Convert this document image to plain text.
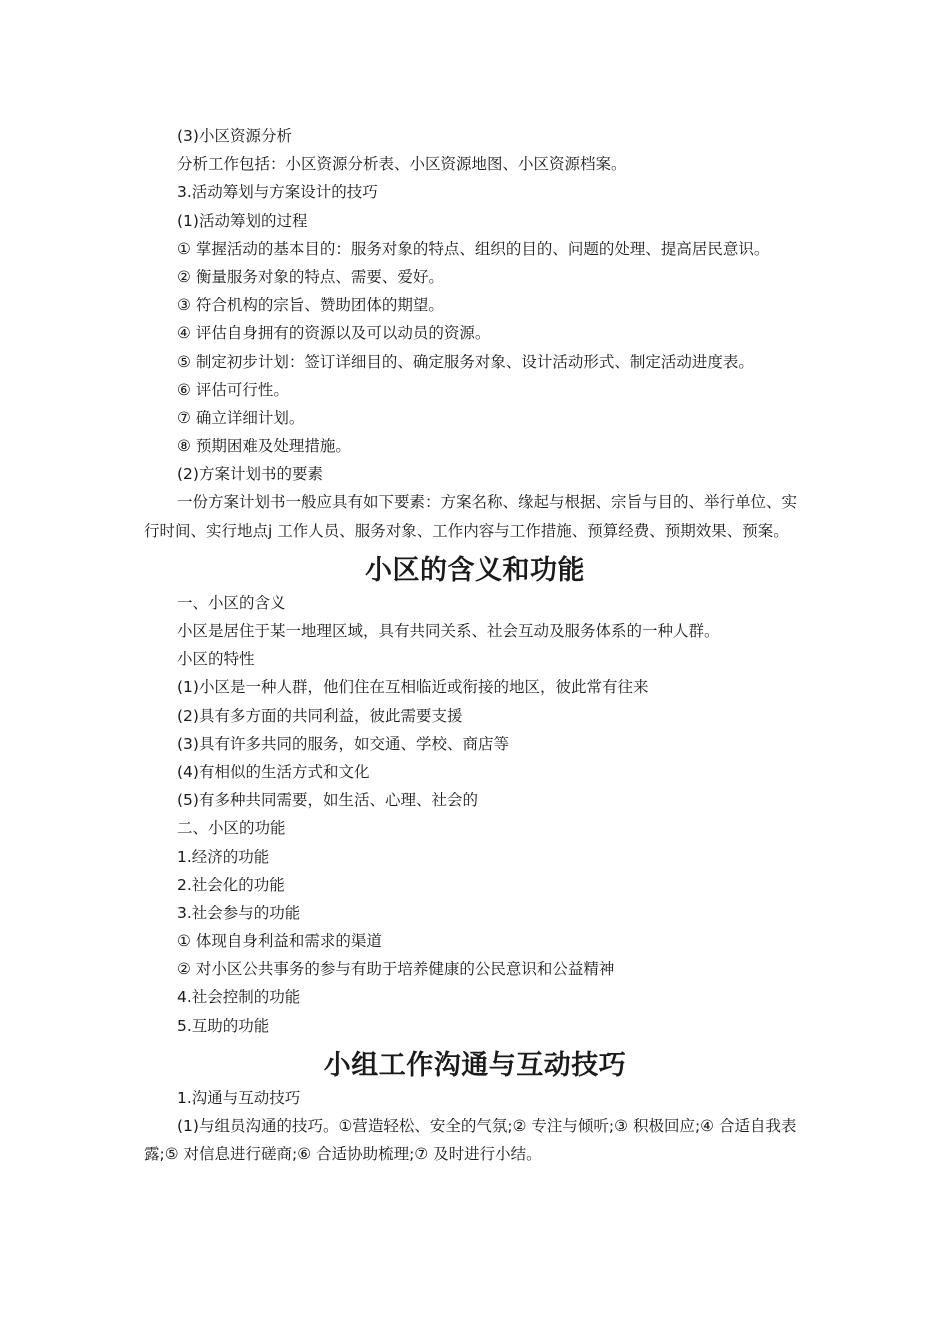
(3)小区资源分析
分析工作包括：小区资源分析表、小区资源地图、小区资源档案。
3.活动筹划与方案设计的技巧
(1)活动筹划的过程
① 掌握活动的基本目的：服务对象的特点、组织的目的、问题的处理、提高居民意识。
② 衡量服务对象的特点、需要、爱好。
③ 符合机构的宗旨、赞助团体的期望。
④ 评估自身拥有的资源以及可以动员的资源。
⑤ 制定初步计划：签订详细目的、确定服务对象、设计活动形式、制定活动进度表。
⑥ 评估可行性。
⑦ 确立详细计划。
⑧ 预期困难及处理措施。
(2)方案计划书的要素
一份方案计划书一般应具有如下要素：方案名称、缘起与根据、宗旨与目的、举行单位、实行时间、实行地点j 工作人员、服务对象、工作内容与工作措施、预算经费、预期效果、预案。
小区的含义和功能
一、小区的含义
小区是居住于某一地理区域，具有共同关系、社会互动及服务体系的一种人群。
小区的特性
(1)小区是一种人群，他们住在互相临近或衔接的地区，彼此常有往来
(2)具有多方面的共同利益，彼此需要支援
(3)具有许多共同的服务，如交通、学校、商店等
(4)有相似的生活方式和文化
(5)有多种共同需要，如生活、心理、社会的
二、小区的功能
1.经济的功能
2.社会化的功能
3.社会参与的功能
① 体现自身利益和需求的渠道
② 对小区公共事务的参与有助于培养健康的公民意识和公益精神
4.社会控制的功能
5.互助的功能
小组工作沟通与互动技巧
1.沟通与互动技巧
(1)与组员沟通的技巧。①营造轻松、安全的气氛;② 专注与倾听;③ 积极回应;④ 合适自我表露;⑤ 对信息进行磋商;⑥ 合适协助梳理;⑦ 及时进行小结。
